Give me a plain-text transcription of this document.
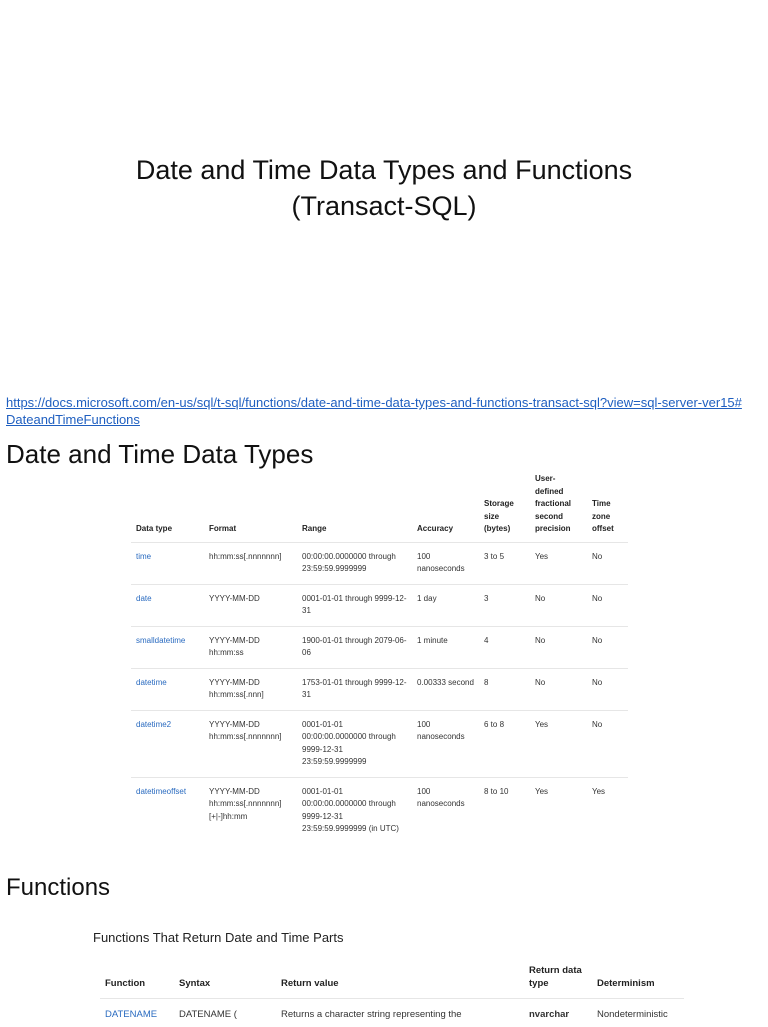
Date and Time Data Types and Functions
(Transact-SQL)
https://docs.microsoft.com/en-us/sql/t-sql/functions/date-and-time-data-types-and-functions-transact-sql?view=sql-server-ver15#DateandTimeFunctions
Date and Time Data Types
Data type	Format	Range	Accuracy	Storage size (bytes)	User-defined fractional second precision	Time zone offset
time	hh:mm:ss[.nnnnnnn]	00:00:00.0000000 through 23:59:59.9999999	100 nanoseconds	3 to 5	Yes	No
date	YYYY-MM-DD	0001-01-01 through 9999-12-31	1 day	3	No	No
smalldatetime	YYYY-MM-DD hh:mm:ss	1900-01-01 through 2079-06-06	1 minute	4	No	No
datetime	YYYY-MM-DD hh:mm:ss[.nnn]	1753-01-01 through 9999-12-31	0.00333 second	8	No	No
datetime2	YYYY-MM-DD hh:mm:ss[.nnnnnnn]	0001-01-01 00:00:00.0000000 through 9999-12-31 23:59:59.9999999	100 nanoseconds	6 to 8	Yes	No
datetimeoffset	YYYY-MM-DD hh:mm:ss[.nnnnnnn] [+|-]hh:mm	0001-01-01 00:00:00.0000000 through 9999-12-31 23:59:59.9999999 (in UTC)	100 nanoseconds	8 to 10	Yes	Yes
Functions
Functions That Return Date and Time Parts
Function	Syntax	Return value	Return data type	Determinism
DATENAME	DATENAME (	Returns a character string representing the	nvarchar	Nondeterministic
